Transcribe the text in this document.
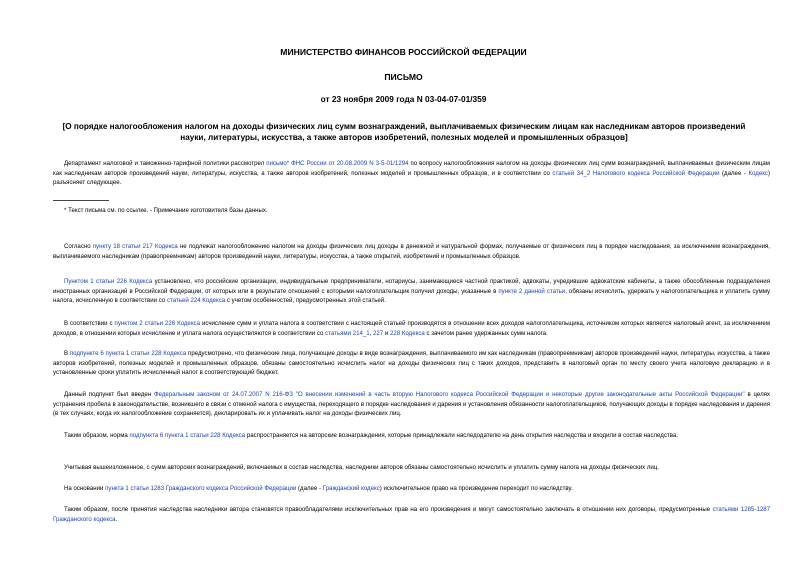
МИНИСТЕРСТВО ФИНАНСОВ РОССИЙСКОЙ ФЕДЕРАЦИИ
ПИСЬМО
от 23 ноября 2009 года N 03-04-07-01/359
[О порядке налогообложения налогом на доходы физических лиц сумм вознаграждений, выплачиваемых физическим лицам как наследникам авторов произведений науки, литературы, искусства, а также авторов изобретений, полезных моделей и промышленных образцов]

Департамент налоговой и таможенно-тарифной политики рассмотрел письмо* ФНС России от 20.08.2009 N 3-5-01/1294 по вопросу налогообложения налогом на доходы физических лиц сумм вознаграждений, выплачиваемых физическим лицам как наследникам авторов произведений науки, литературы, искусства, а также авторов изобретений, полезных моделей и промышленных образцов, и в соответствии со статьей 34_2 Налогового кодекса Российской Федерации (далее - Кодекс) разъясняет следующее.

* Текст письма см. по ссылке. - Примечание изготовителя базы данных.

Согласно пункту 18 статьи 217 Кодекса не подлежат налогообложению налогом на доходы физических лиц доходы в денежной и натуральной формах, получаемые от физических лиц в порядке наследования, за исключением вознаграждения, выплачиваемого наследникам (правопреемникам) авторов произведений науки, литературы, искусства, а также открытий, изобретений и промышленных образцов.

Пунктом 1 статьи 226 Кодекса установлено, что российские организации, индивидуальные предприниматели, нотариусы, занимающиеся частной практикой, адвокаты, учредившие адвокатские кабинеты, а также обособленные подразделения иностранных организаций в Российской Федерации, от которых или в результате отношений с которыми налогоплательщик получил доходы, указанные в пункте 2 данной статьи, обязаны исчислить, удержать у налогоплательщика и уплатить сумму налога, исчисленную в соответствии со статьей 224 Кодекса с учетом особенностей, предусмотренных этой статьей.

В соответствии с пунктом 2 статьи 226 Кодекса исчисление сумм и уплата налога в соответствии с настоящей статьей производятся в отношении всех доходов налогоплательщика, источником которых является налоговый агент, за исключением доходов, в отношении которых исчисление и уплата налога осуществляются в соответствии со статьями 214_1, 227 и 228 Кодекса с зачетом ранее удержанных сумм налога.

В подпункте 6 пункта 1 статьи 228 Кодекса предусмотрено, что физические лица, получающие доходы в виде вознаграждения, выплачиваемого им как наследникам (правопреемникам) авторов произведений науки, литературы, искусства, а также авторов изобретений, полезных моделей и промышленных образцов, обязаны самостоятельно исчислить налог на доходы физических лиц с таких доходов, представить в налоговый орган по месту своего учета налоговую декларацию и в установленные сроки уплатить исчисленный налог в соответствующий бюджет.

Данный подпункт был введен Федеральным законом от 24.07.2007 N 216-ФЗ "О внесении изменений в часть вторую Налогового кодекса Российской Федерации и некоторые другие законодательные акты Российской Федерации" в целях устранения пробела в законодательстве, возникшего в связи с отменой налога с имущества, переходящего в порядке наследования и дарения и установления обязанности налогоплательщиков, получающих доходы в порядке наследования и дарения (в тех случаях, когда их налогообложение сохраняется), декларировать их и уплачивать налог на доходы физических лиц.

Таким образом, норма подпункта 6 пункта 1 статьи 228 Кодекса распространяется на авторские вознаграждения, которые принадлежали наследодателю на день открытия наследства и входили в состав наследства.

Учитывая вышеизложенное, с сумм авторских вознаграждений, включаемых в состав наследства, наследники авторов обязаны самостоятельно исчислить и уплатить сумму налога на доходы физических лиц.

На основании пункта 1 статьи 1283 Гражданского кодекса Российской Федерации (далее - Гражданский кодекс) исключительное право на произведение переходит по наследству.

Таким образом, после принятия наследства наследники автора становятся правообладателями исключительных прав на его произведения и могут самостоятельно заключать в отношении них договоры, предусмотренные статьями 1285-1287 Гражданского кодекса.
